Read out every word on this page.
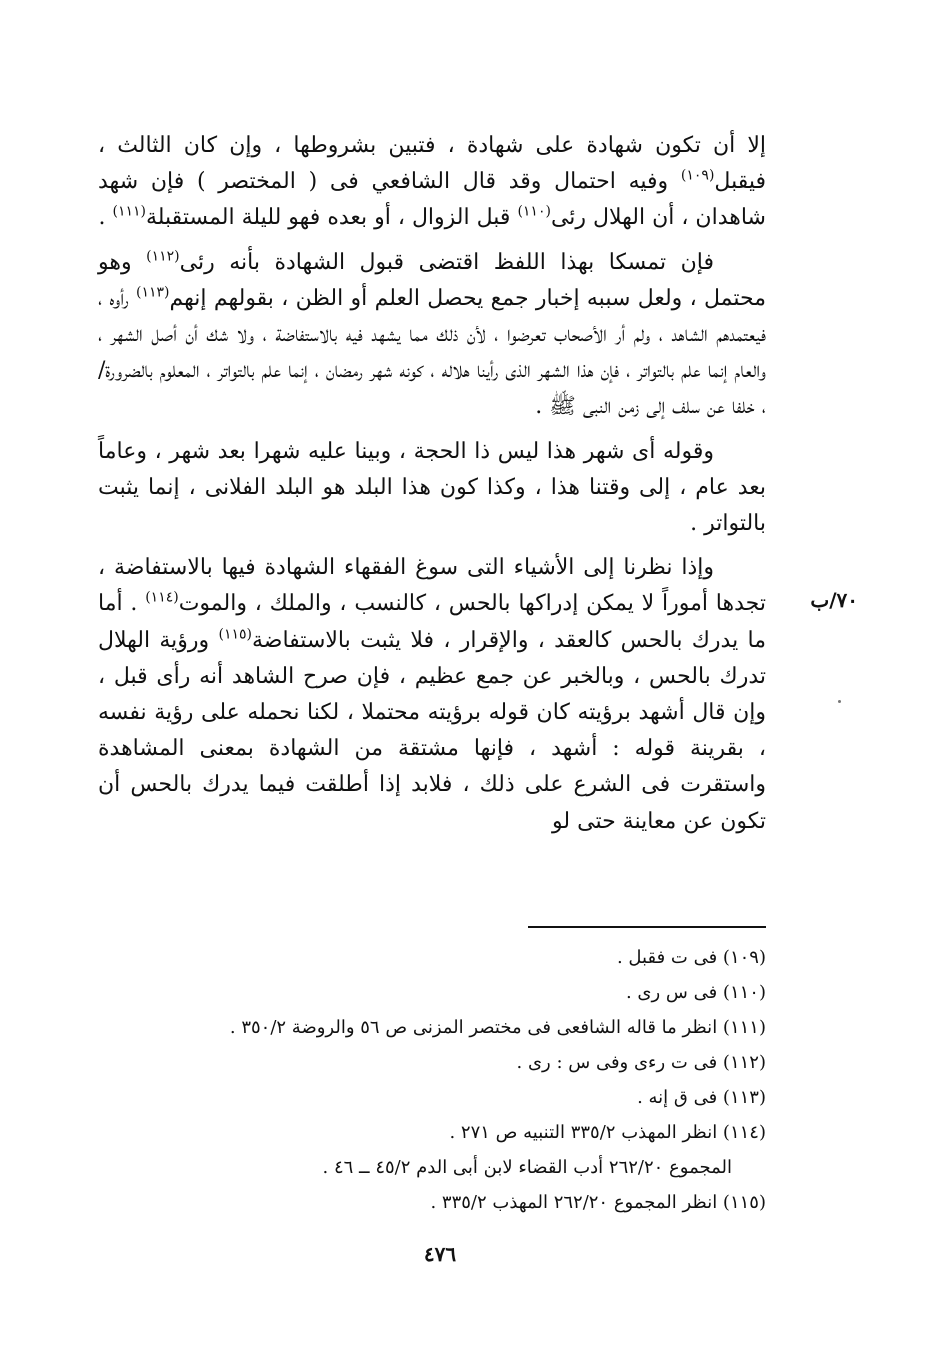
إلا أن تكون شهادة على شهادة ، فتبين بشروطها ، وإن كان الثالث ، فيقبل$^{(١٠٩)}$ وفيه احتمال وقد قال الشافعي فى ( المختصر ) فإن شهد شاهدان ، أن الهلال رئى$^{(١١٠)}$ قبل الزوال ، أو بعده فهو لليلة المستقبلة$^{(١١١)}$ .

فإن تمسكا بهذا اللفظ اقتضى قبول الشهادة بأنه رئى$^{(١١٢)}$ وهو محتمل ، ولعل سببه إخبار جمع يحصل العلم أو الظن ، بقولهم إنهم$^{(١١٣)}$ رأوه ، فيعتمدهم الشاهد ، ولم أر الأصحاب تعرضوا ، لأن ذلك مما يشهد فيه بالاستفاضة ، ولا شك أن أصل الشهر ، والعام إنما علم بالتواتر ، فإن هذا الشهر الذى رأينا هلاله ، كونه شهر رمضان ، إنما علم بالتواتر ، المعلوم بالضرورة/ ، خلفا عن سلف إلى زمن النبى ﷺ .

وقوله أى شهر هذا ليس ذا الحجة ، وبينا عليه شهرا بعد شهر ، وعاماً بعد عام ، إلى وقتنا هذا ، وكذا كون هذا البلد هو البلد الفلانى ، إنما يثبت بالتواتر .

وإذا نظرنا إلى الأشياء التى سوغ الفقهاء الشهادة فيها بالاستفاضة ، تجدها أموراً لا يمكن إدراكها بالحس ، كالنسب ، والملك ، والموت$^{(١١٤)}$ . أما ما يدرك بالحس كالعقد ، والإقرار ، فلا يثبت بالاستفاضة$^{(١١٥)}$ ورؤية الهلال تدرك بالحس ، وبالخبر عن جمع عظيم ، فإن صرح الشاهد أنه رأى قبل ، وإن قال أشهد برؤيته كان قوله برؤيته محتملا ، لكنا نحمله على رؤية نفسه ، بقرينة قوله : أشهد ، فإنها مشتقة من الشهادة بمعنى المشاهدة واستقرت فى الشرع على ذلك ، فلابد إذا أطلقت فيما يدرك بالحس أن تكون عن معاينة حتى لو

٧٠/ب

(١٠٩) فى ت فقبل .

(١١٠) فى س رى .

(١١١) انظر ما قاله الشافعى فى مختصر المزنى ص ٥٦ والروضة ٣٥٠/٢ .

(١١٢) فى ت رءى وفى س : رى .

(١١٣) فى ق إنه .

(١١٤) انظر المهذب ٣٣٥/٢ التنبيه ص ٢٧١ .

المجموع ٢٦٢/٢٠ أدب القضاء لابن أبى الدم ٤٥/٢ ــ ٤٦ .

(١١٥) انظر المجموع ٢٦٢/٢٠ المهذب ٣٣٥/٢ .

٤٧٦
